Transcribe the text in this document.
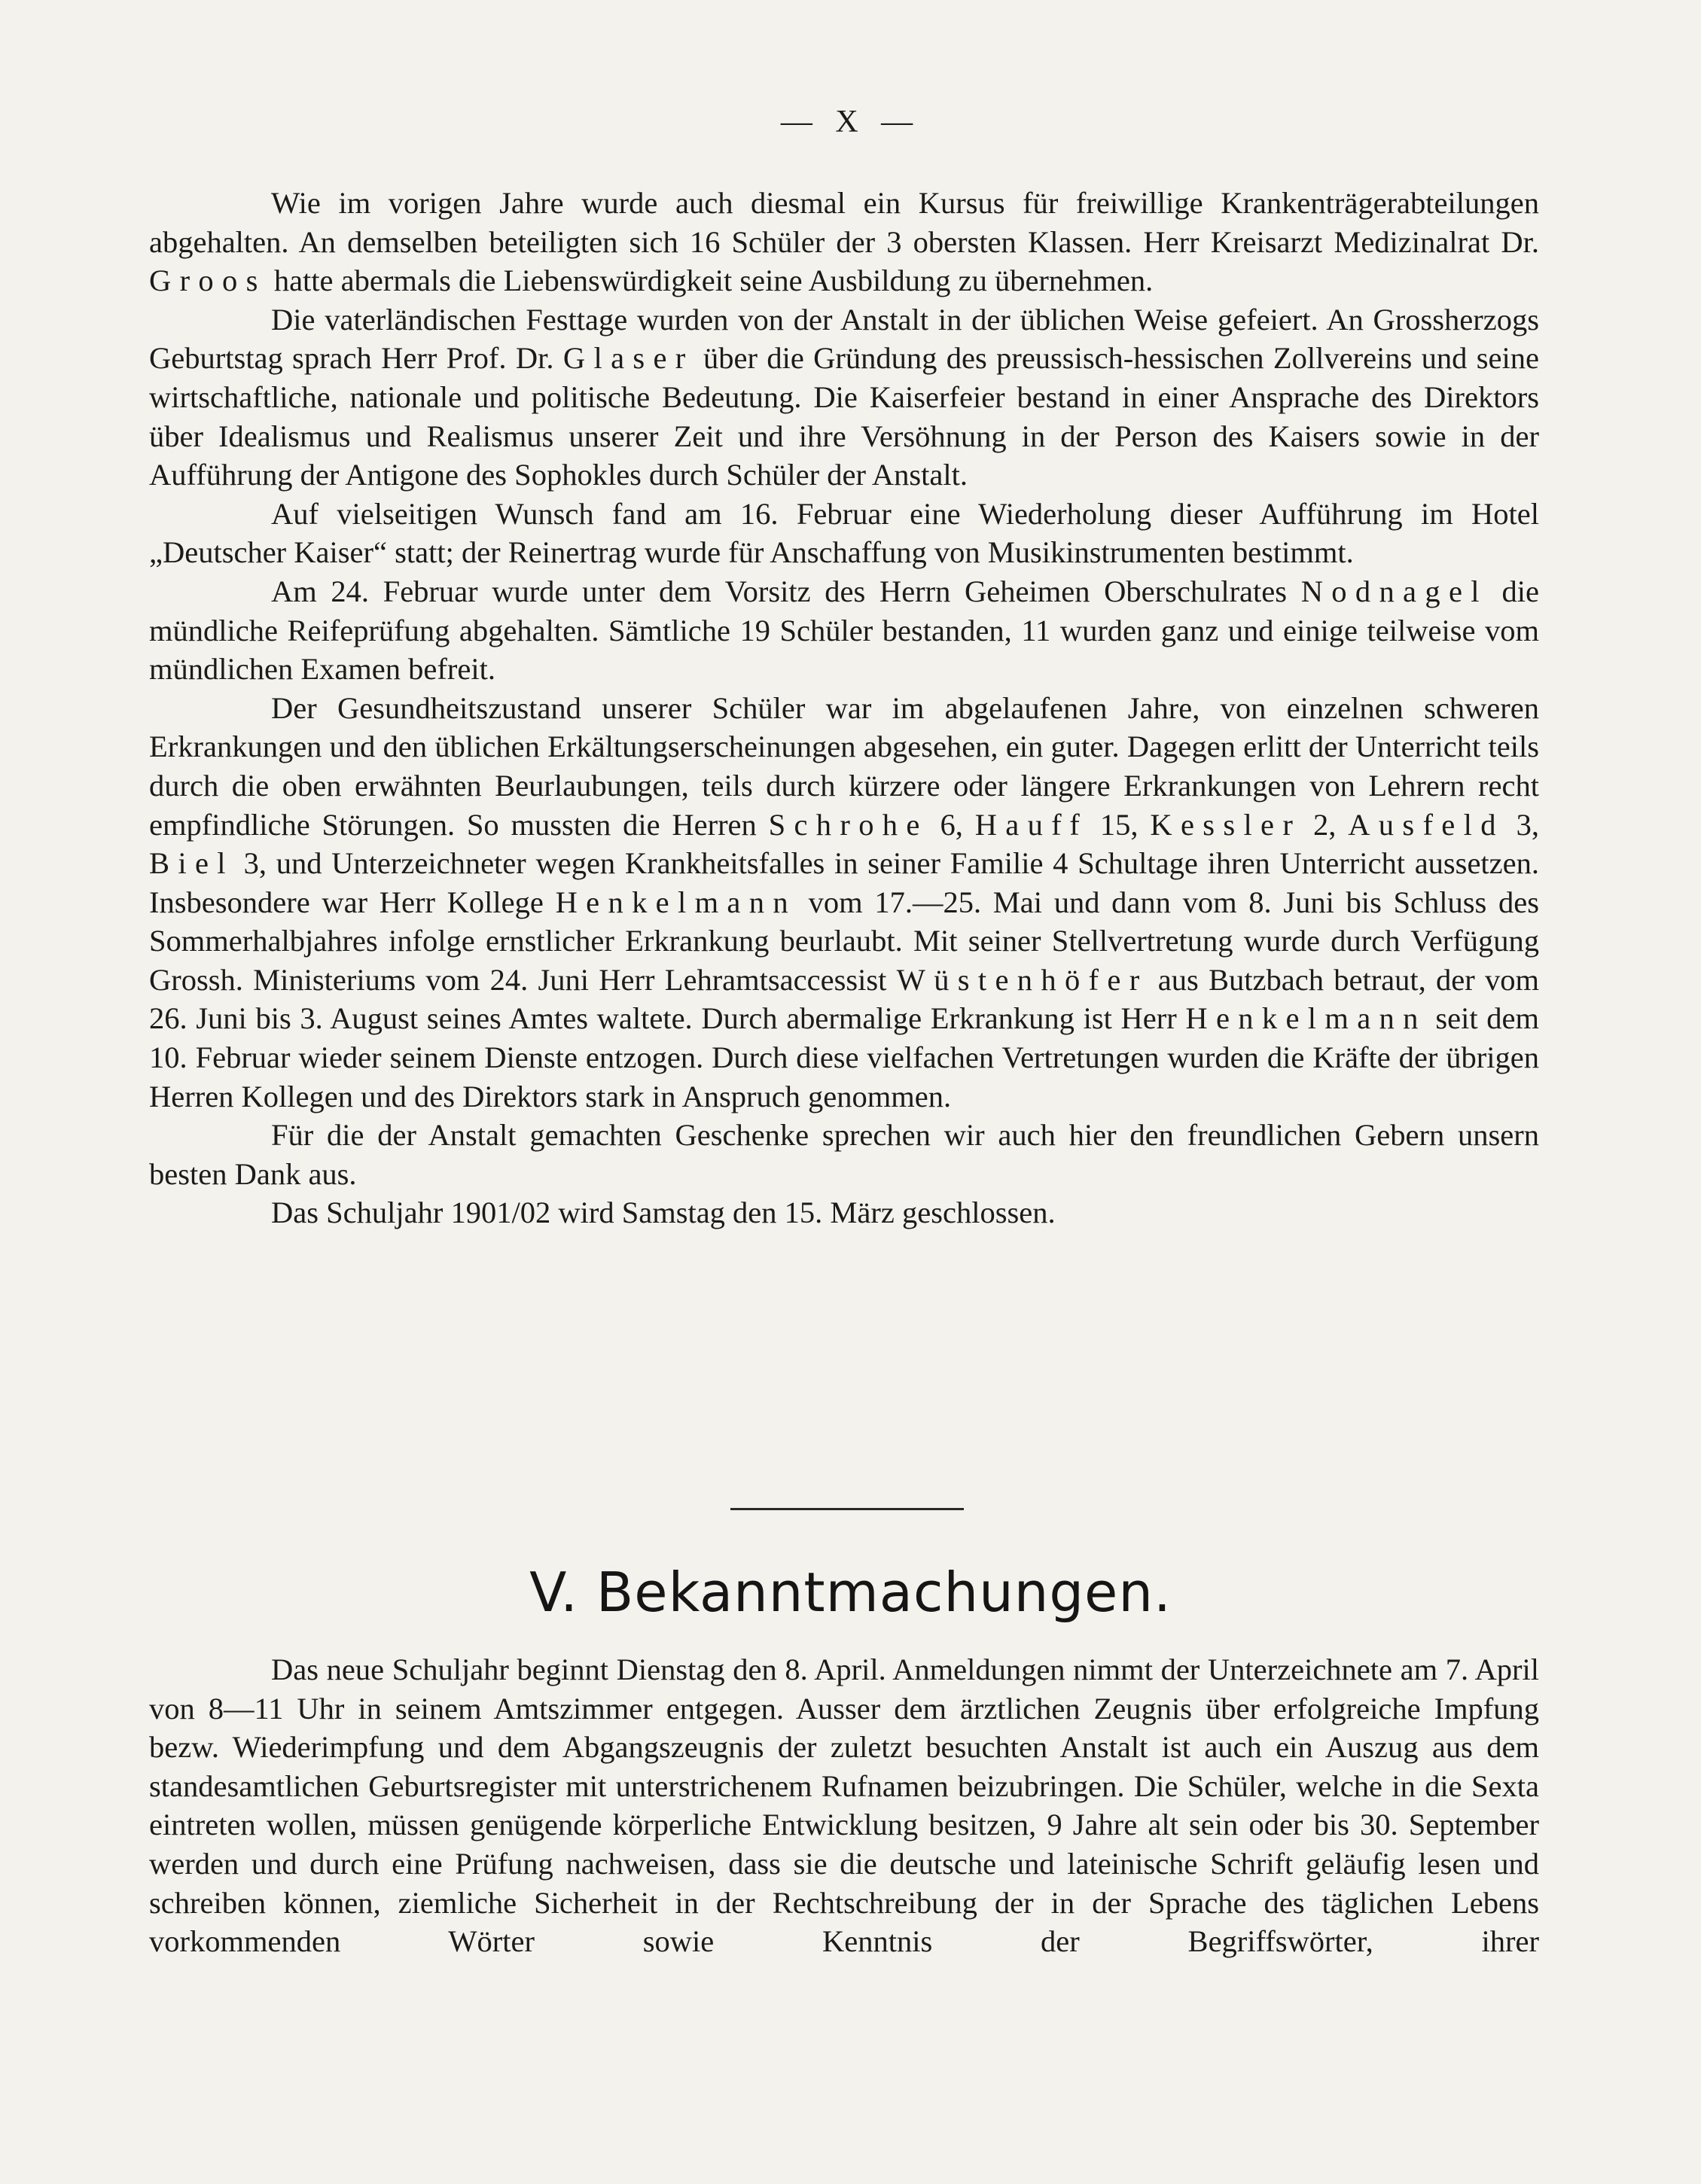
— X —

Wie im vorigen Jahre wurde auch diesmal ein Kursus für freiwillige Krankenträgerabteilungen abgehalten. An demselben beteiligten sich 16 Schüler der 3 obersten Klassen. Herr Kreisarzt Medizinalrat Dr. Groos hatte abermals die Liebenswürdigkeit seine Ausbildung zu übernehmen.

Die vaterländischen Festtage wurden von der Anstalt in der üblichen Weise gefeiert. An Grossherzogs Geburtstag sprach Herr Prof. Dr. Glaser über die Gründung des preussisch-hessischen Zollvereins und seine wirtschaftliche, nationale und politische Bedeutung. Die Kaiserfeier bestand in einer Ansprache des Direktors über Idealismus und Realismus unserer Zeit und ihre Versöhnung in der Person des Kaisers sowie in der Aufführung der Antigone des Sophokles durch Schüler der Anstalt.

Auf vielseitigen Wunsch fand am 16. Februar eine Wiederholung dieser Aufführung im Hotel „Deutscher Kaiser“ statt; der Reinertrag wurde für Anschaffung von Musikinstrumenten bestimmt.

Am 24. Februar wurde unter dem Vorsitz des Herrn Geheimen Oberschulrates Nodnagel die mündliche Reifeprüfung abgehalten. Sämtliche 19 Schüler bestanden, 11 wurden ganz und einige teilweise vom mündlichen Examen befreit.

Der Gesundheitszustand unserer Schüler war im abgelaufenen Jahre, von einzelnen schweren Erkrankungen und den üblichen Erkältungserscheinungen abgesehen, ein guter. Dagegen erlitt der Unterricht teils durch die oben erwähnten Beurlaubungen, teils durch kürzere oder längere Erkrankungen von Lehrern recht empfindliche Störungen. So mussten die Herren Schrohe 6, Hauff 15, Kessler 2, Ausfeld 3, Biel 3, und Unterzeichneter wegen Krankheitsfalles in seiner Familie 4 Schultage ihren Unterricht aussetzen. Insbesondere war Herr Kollege Henkelmann vom 17.—25. Mai und dann vom 8. Juni bis Schluss des Sommerhalbjahres infolge ernstlicher Erkrankung beurlaubt. Mit seiner Stellvertretung wurde durch Verfügung Grossh. Ministeriums vom 24. Juni Herr Lehramtsaccessist Wüstenhöfer aus Butzbach betraut, der vom 26. Juni bis 3. August seines Amtes waltete. Durch abermalige Erkrankung ist Herr Henkelmann seit dem 10. Februar wieder seinem Dienste entzogen. Durch diese vielfachen Vertretungen wurden die Kräfte der übrigen Herren Kollegen und des Direktors stark in Anspruch genommen.

Für die der Anstalt gemachten Geschenke sprechen wir auch hier den freundlichen Gebern unsern besten Dank aus.

Das Schuljahr 1901/02 wird Samstag den 15. März geschlossen.

V. Bekanntmachungen.

Das neue Schuljahr beginnt Dienstag den 8. April. Anmeldungen nimmt der Unterzeichnete am 7. April von 8—11 Uhr in seinem Amtszimmer entgegen. Ausser dem ärztlichen Zeugnis über erfolgreiche Impfung bezw. Wiederimpfung und dem Abgangszeugnis der zuletzt besuchten Anstalt ist auch ein Auszug aus dem standesamtlichen Geburtsregister mit unterstrichenem Rufnamen beizubringen. Die Schüler, welche in die Sexta eintreten wollen, müssen genügende körperliche Entwicklung besitzen, 9 Jahre alt sein oder bis 30. September werden und durch eine Prüfung nachweisen, dass sie die deutsche und lateinische Schrift geläufig lesen und schreiben können, ziemliche Sicherheit in der Rechtschreibung der in der Sprache des täglichen Lebens vorkommenden Wörter sowie Kenntnis der Begriffswörter, ihrer
